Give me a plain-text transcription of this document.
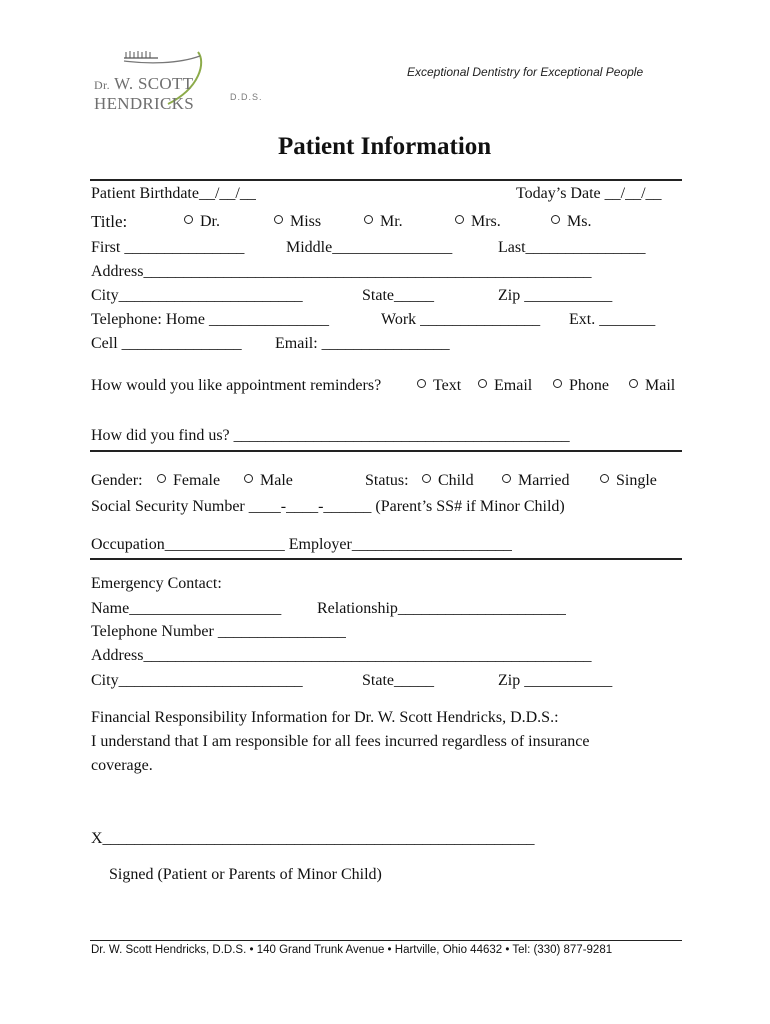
Dr. W. SCOTT HENDRICKS	D.D.S.
Exceptional Dentistry for Exceptional People
Patient Information
Patient Birthdate__/__/__	Today’s Date __/__/__
Title:	Dr.	Miss	Mr.	Mrs.	Ms.
First _______________	Middle_______________	Last_______________
Address________________________________________________________
City_______________________	State_____	Zip ___________
Telephone: Home _______________	Work _______________ Ext. _______
Cell _______________ Email: ________________
How would you like appointment reminders?	Text	Email	Phone	Mail
How did you find us? __________________________________________
Gender:	Female	Male	Status:	Child	Married	Single
Social Security Number ____-____-______ (Parent’s SS# if Minor Child)
Occupation_______________ Employer____________________
Emergency Contact:
Name___________________ Relationship_____________________
Telephone Number ________________
Address________________________________________________________
City_______________________	State_____	Zip ___________
Financial Responsibility Information for Dr. W. Scott Hendricks, D.D.S.:
I understand that I am responsible for all fees incurred regardless of insurance
coverage.
X______________________________________________________
Signed (Patient or Parents of Minor Child)
Dr. W. Scott Hendricks, D.D.S. • 140 Grand Trunk Avenue • Hartville, Ohio 44632 • Tel: (330) 877-9281
